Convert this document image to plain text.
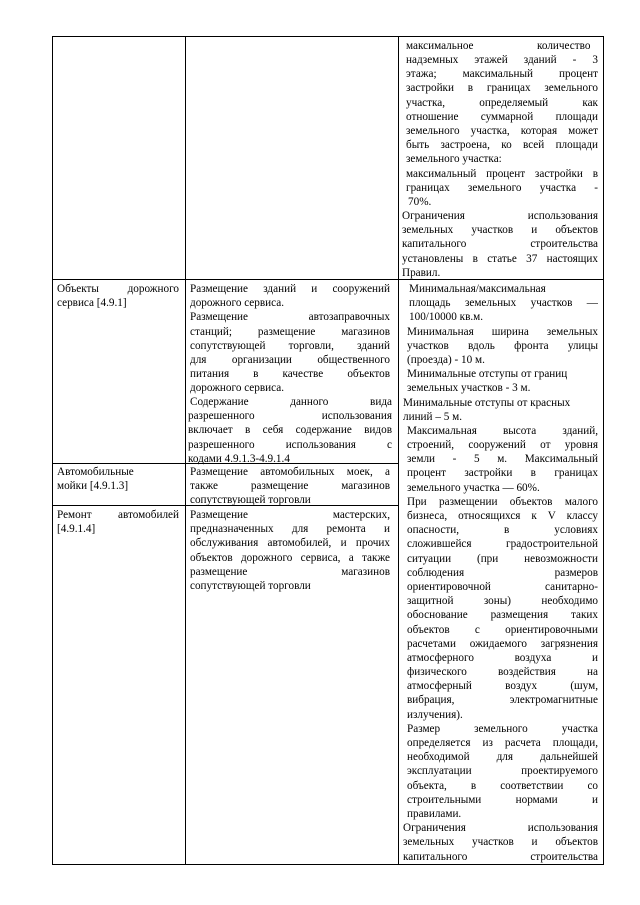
максимальное
надземных этажей зданий - 3
этажа; максимальный процент
застройки в границах земельного
участка, определяемый как
отношение суммарной площади
земельного участка, которая может
быть застроена, ко всей площади
земельного участка:
максимальный процент застройки в
границах земельного участка -
70%.
Ограничения использования
земельных участков и объектов
капитального строительства
установлены в статье 37 настоящих
Правил.
количество
Объекты дорожного
сервиса [4.9.1]
Размещение зданий и сооружений
дорожного сервиса.
Размещение автозаправочных
станций; размещение магазинов
сопутствующей торговли, зданий
для организации общественного
питания в качестве объектов
дорожного сервиса.
Содержание данного вида
разрешенного использования
включает в себя содержание видов
разрешенного использования с
кодами 4.9.1.3-4.9.1.4
Автомобильные
мойки [4.9.1.3]
Размещение автомобильных моек, а
также размещение магазинов
сопутствующей торговли
Ремонт автомобилей
[4.9.1.4]
Размещение мастерских,
предназначенных для ремонта и
обслуживания автомобилей, и прочих
объектов дорожного сервиса, а также
размещение магазинов
сопутствующей торговли
Минимальная/максимальная
площадь земельных участков —
100/10000 кв.м.
Минимальная ширина земельных
участков вдоль фронта улицы
(проезда) - 10 м.
Минимальные отступы от границ
земельных участков - 3 м.
Минимальные отступы от красных
линий – 5 м.
Максимальная высота зданий,
строений, сооружений от уровня
земли - 5 м. Максимальный
процент застройки в границах
земельного участка — 60%.
При размещении объектов малого
бизнеса, относящихся к V классу
опасности, в условиях
сложившейся градостроительной
ситуации (при невозможности
соблюдения размеров
ориентировочной санитарно-
защитной зоны) необходимо
обоснование размещения таких
объектов с ориентировочными
расчетами ожидаемого загрязнения
атмосферного воздуха и
физического воздействия на
атмосферный воздух (шум,
вибрация, электромагнитные
излучения).
Размер земельного участка
определяется из расчета площади,
необходимой для дальнейшей
эксплуатации проектируемого
объекта, в соответствии со
строительными нормами и
правилами.
Ограничения использования
земельных участков и объектов
капитального строительства
